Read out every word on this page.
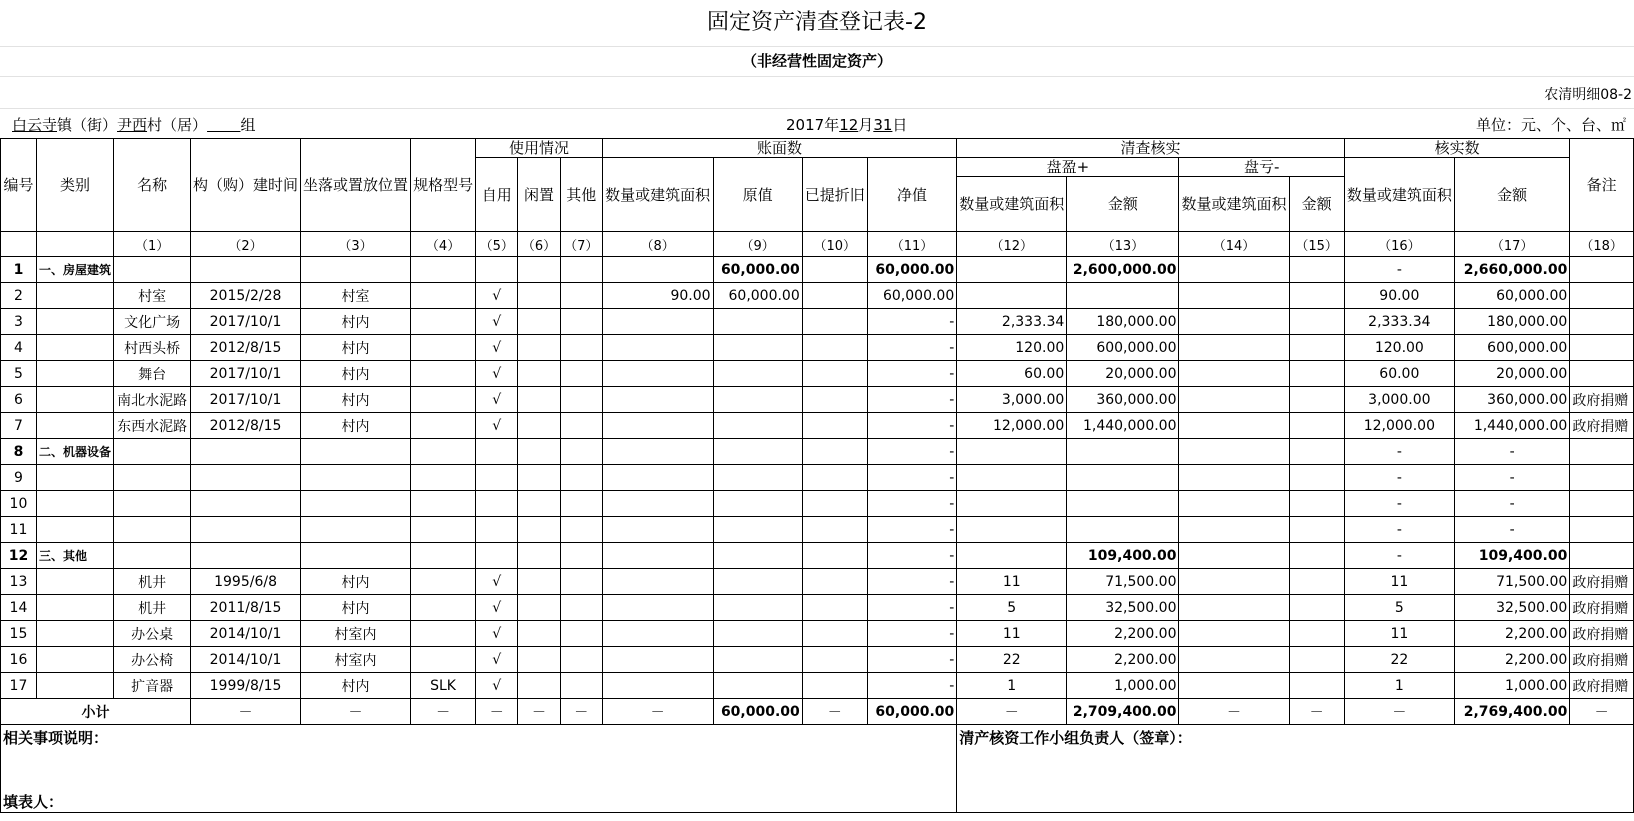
固定资产清查登记表-2
（非经营性固定资产）
农清明细08-2
白云寺镇（街）尹西村（居） 组	2017年12月31日	单位：元、个、台、㎡
编号	类别	名称	构（购）建时间	坐落或置放位置	规格型号	使用情况			账面数				清查核实				核实数		备注
						自用	闲置	其他	数量或建筑面积	原值	已提折旧	净值	盘盈+		盘亏-		数量或建筑面积	金额	
													数量或建筑面积	金额	数量或建筑面积	金额			
		（1）	（2）	（3）	（4）	（5）	（6）	（7）	（8）	（9）	（10）	（11）	（12）	（13）	（14）	（15）	（16）	（17）	（18）
1	一、房屋建筑									60,000.00		60,000.00		2,600,000.00			-	2,660,000.00	
2		村室	2015/2/28	村室		√			90.00	60,000.00		60,000.00					90.00	60,000.00	
3		文化广场	2017/10/1	村内		√						-	2,333.34	180,000.00			2,333.34	180,000.00	
4		村西头桥	2012/8/15	村内		√						-	120.00	600,000.00			120.00	600,000.00	
5		舞台	2017/10/1	村内		√						-	60.00	20,000.00			60.00	20,000.00	
6		南北水泥路	2017/10/1	村内		√						-	3,000.00	360,000.00			3,000.00	360,000.00	政府捐赠
7		东西水泥路	2012/8/15	村内		√						-	12,000.00	1,440,000.00			12,000.00	1,440,000.00	政府捐赠
8	二、机器设备											-					-	-	
9												-					-	-	
10												-					-	-	
11												-					-	-	
12	三、其他											-		109,400.00			-	109,400.00	
13		机井	1995/6/8	村内		√						-	11	71,500.00			11	71,500.00	政府捐赠
14		机井	2011/8/15	村内		√						-	5	32,500.00			5	32,500.00	政府捐赠
15		办公桌	2014/10/1	村室内		√						-	11	2,200.00			11	2,200.00	政府捐赠
16		办公椅	2014/10/1	村室内		√						-	22	2,200.00			22	2,200.00	政府捐赠
17		扩音器	1999/8/15	村内	SLK	√						-	1	1,000.00			1	1,000.00	政府捐赠
小计			－	－	－	－	－	－	－	60,000.00	－	60,000.00	－	2,709,400.00	－	－	－	2,769,400.00	－

相关事项说明：													清产核资工作小组负责人（签章）：						

填表人：																			
